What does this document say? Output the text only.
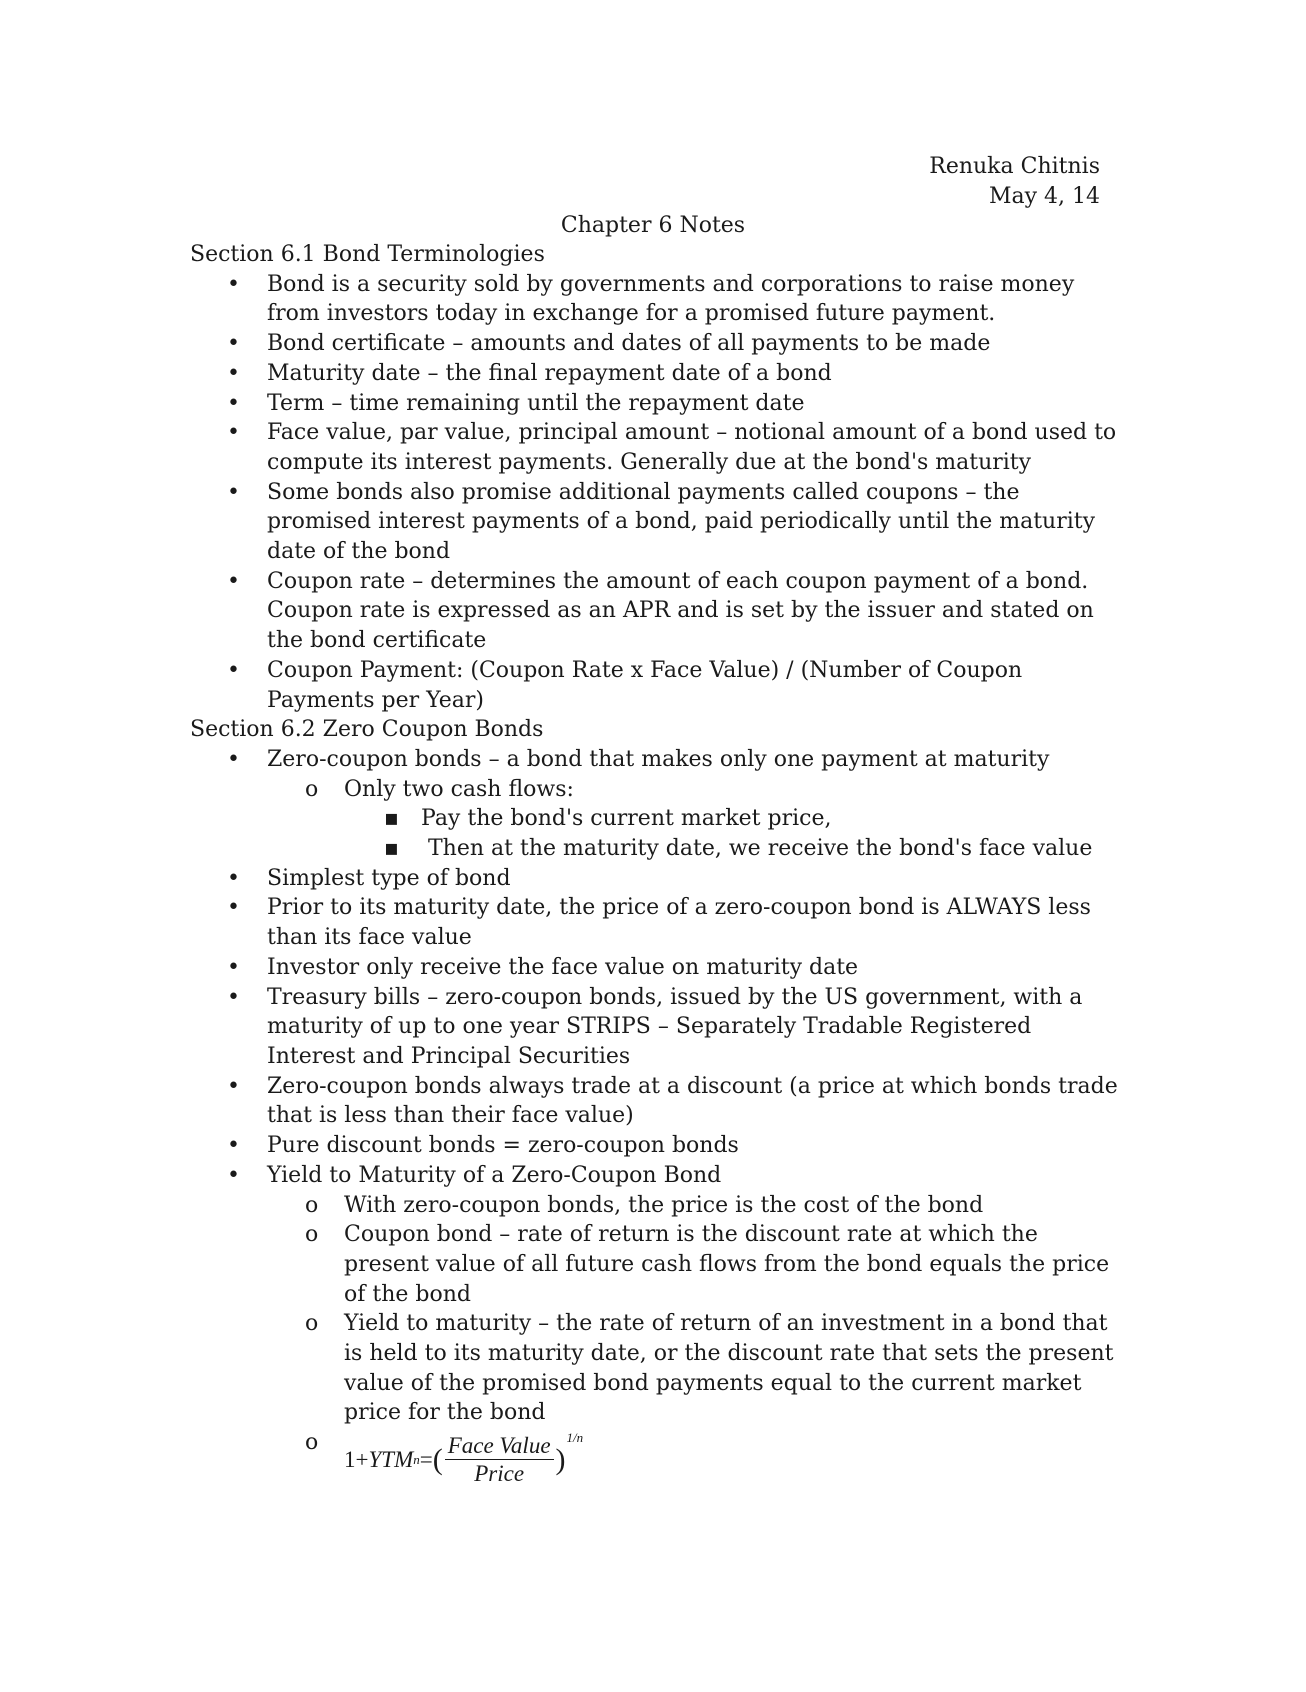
Renuka Chitnis
May 4, 14
Chapter 6 Notes
Section 6.1 Bond Terminologies
• Bond is a security sold by governments and corporations to raise money from investors today in exchange for a promised future payment.
• Bond certificate – amounts and dates of all payments to be made
• Maturity date – the final repayment date of a bond
• Term – time remaining until the repayment date
• Face value, par value, principal amount – notional amount of a bond used to compute its interest payments. Generally due at the bond's maturity
• Some bonds also promise additional payments called coupons – the promised interest payments of a bond, paid periodically until the maturity date of the bond
• Coupon rate – determines the amount of each coupon payment of a bond. Coupon rate is expressed as an APR and is set by the issuer and stated on the bond certificate
• Coupon Payment: (Coupon Rate x Face Value) / (Number of Coupon Payments per Year)
Section 6.2 Zero Coupon Bonds
• Zero-coupon bonds – a bond that makes only one payment at maturity
o Only two cash flows:
▪ Pay the bond's current market price,
▪  Then at the maturity date, we receive the bond's face value
• Simplest type of bond
• Prior to its maturity date, the price of a zero-coupon bond is ALWAYS less than its face value
• Investor only receive the face value on maturity date
• Treasury bills – zero-coupon bonds, issued by the US government, with a maturity of up to one year STRIPS – Separately Tradable Registered Interest and Principal Securities
• Zero-coupon bonds always trade at a discount (a price at which bonds trade that is less than their face value)
• Pure discount bonds = zero-coupon bonds
• Yield to Maturity of a Zero-Coupon Bond
o With zero-coupon bonds, the price is the cost of the bond
o Coupon bond – rate of return is the discount rate at which the present value of all future cash flows from the bond equals the price of the bond
o Yield to maturity – the rate of return of an investment in a bond that is held to its maturity date, or the discount rate that sets the present value of the promised bond payments equal to the current market price for the bond
o 1+ YTM n = ( $\frac{\text{Face Value}}{\text{Price}}$ )
1/n
